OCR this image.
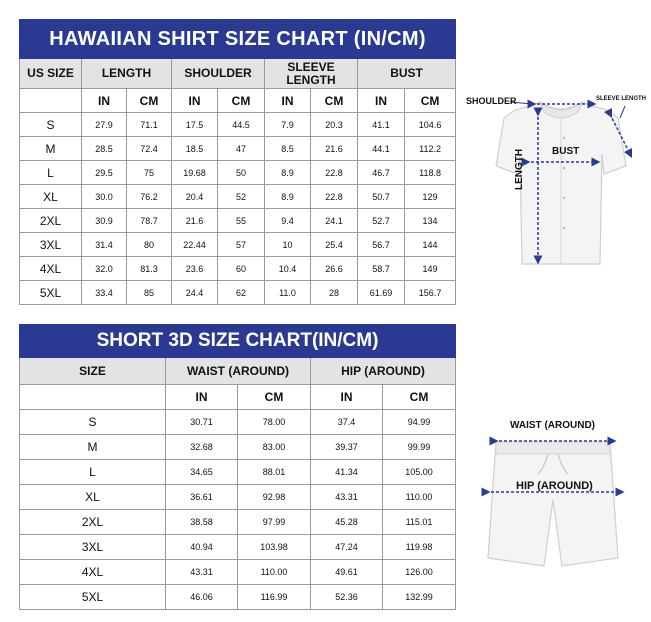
HAWAIIAN SHIRT SIZE CHART (IN/CM)								
US SIZE	LENGTH		SHOULDER		SLEEVE LENGTH		BUST	
	IN	CM	IN	CM	IN	CM	IN	CM
S	27.9	71.1	17.5	44.5	7.9	20.3	41.1	104.6
M	28.5	72.4	18.5	47	8.5	21.6	44.1	112.2
L	29.5	75	19.68	50	8.9	22.8	46.7	118.8
XL	30.0	76.2	20.4	52	8.9	22.8	50.7	129
2XL	30.9	78.7	21.6	55	9.4	24.1	52.7	134
3XL	31.4	80	22.44	57	10	25.4	56.7	144
4XL	32.0	81.3	23.6	60	10.4	26.6	58.7	149
5XL	33.4	85	24.4	62	11.0	28	61.69	156.7
SHORT 3D SIZE CHART(IN/CM)				
SIZE	WAIST (AROUND)		HIP (AROUND)	
	IN	CM	IN	CM
S	30.71	78.00	37.4	94.99
M	32.68	83.00	39.37	99.99
L	34.65	88.01	41.34	105.00
XL	36.61	92.98	43.31	110.00
2XL	38.58	97.99	45.28	115.01
3XL	40.94	103.98	47.24	119.98
4XL	43.31	110.00	49.61	126.00
5XL	46.06	116.99	52.36	132.99
SHOULDER	SLEEVE LENGTH
BUST
LENGTH
WAIST (AROUND)
HIP (AROUND)
